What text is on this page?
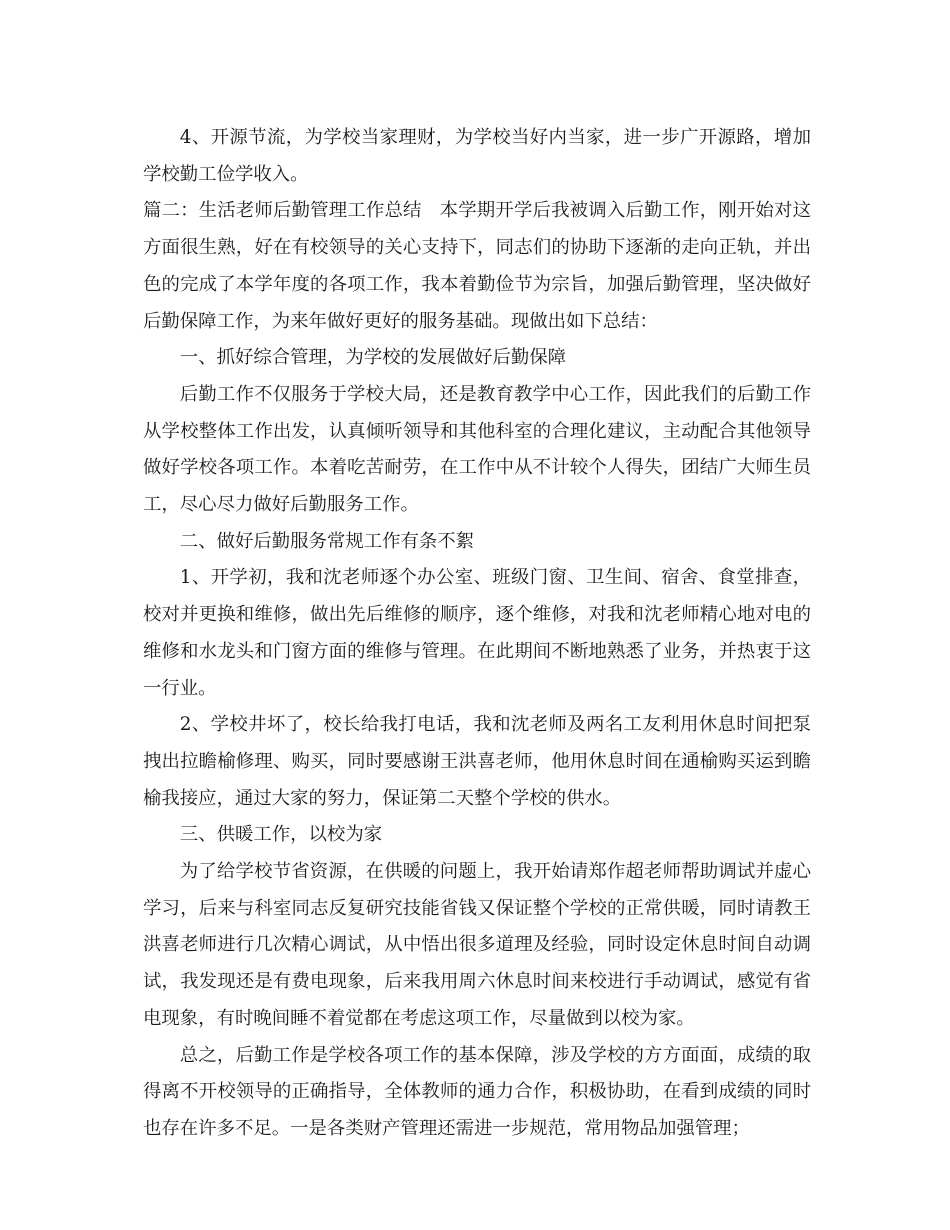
4、开源节流，为学校当家理财，为学校当好内当家，进一步广开源路，增加学校勤工俭学收入。

篇二：生活老师后勤管理工作总结 本学期开学后我被调入后勤工作，刚开始对这方面很生熟，好在有校领导的关心支持下，同志们的协助下逐渐的走向正轨，并出色的完成了本学年度的各项工作，我本着勤俭节为宗旨，加强后勤管理，坚决做好后勤保障工作，为来年做好更好的服务基础。现做出如下总结：

一、抓好综合管理，为学校的发展做好后勤保障

后勤工作不仅服务于学校大局，还是教育教学中心工作，因此我们的后勤工作从学校整体工作出发，认真倾听领导和其他科室的合理化建议，主动配合其他领导做好学校各项工作。本着吃苦耐劳，在工作中从不计较个人得失，团结广大师生员工，尽心尽力做好后勤服务工作。

二、做好后勤服务常规工作有条不絮

1、开学初，我和沈老师逐个办公室、班级门窗、卫生间、宿舍、食堂排查，校对并更换和维修，做出先后维修的顺序，逐个维修，对我和沈老师精心地对电的维修和水龙头和门窗方面的维修与管理。在此期间不断地熟悉了业务，并热衷于这一行业。

2、学校井坏了，校长给我打电话，我和沈老师及两名工友利用休息时间把泵拽出拉瞻榆修理、购买，同时要感谢王洪喜老师，他用休息时间在通榆购买运到瞻榆我接应，通过大家的努力，保证第二天整个学校的供水。

三、供暖工作，以校为家

为了给学校节省资源，在供暖的问题上，我开始请郑作超老师帮助调试并虚心学习，后来与科室同志反复研究技能省钱又保证整个学校的正常供暖，同时请教王洪喜老师进行几次精心调试，从中悟出很多道理及经验，同时设定休息时间自动调试，我发现还是有费电现象，后来我用周六休息时间来校进行手动调试，感觉有省电现象，有时晚间睡不着觉都在考虑这项工作，尽量做到以校为家。

总之，后勤工作是学校各项工作的基本保障，涉及学校的方方面面，成绩的取得离不开校领导的正确指导，全体教师的通力合作，积极协助，在看到成绩的同时也存在许多不足。一是各类财产管理还需进一步规范，常用物品加强管理；
